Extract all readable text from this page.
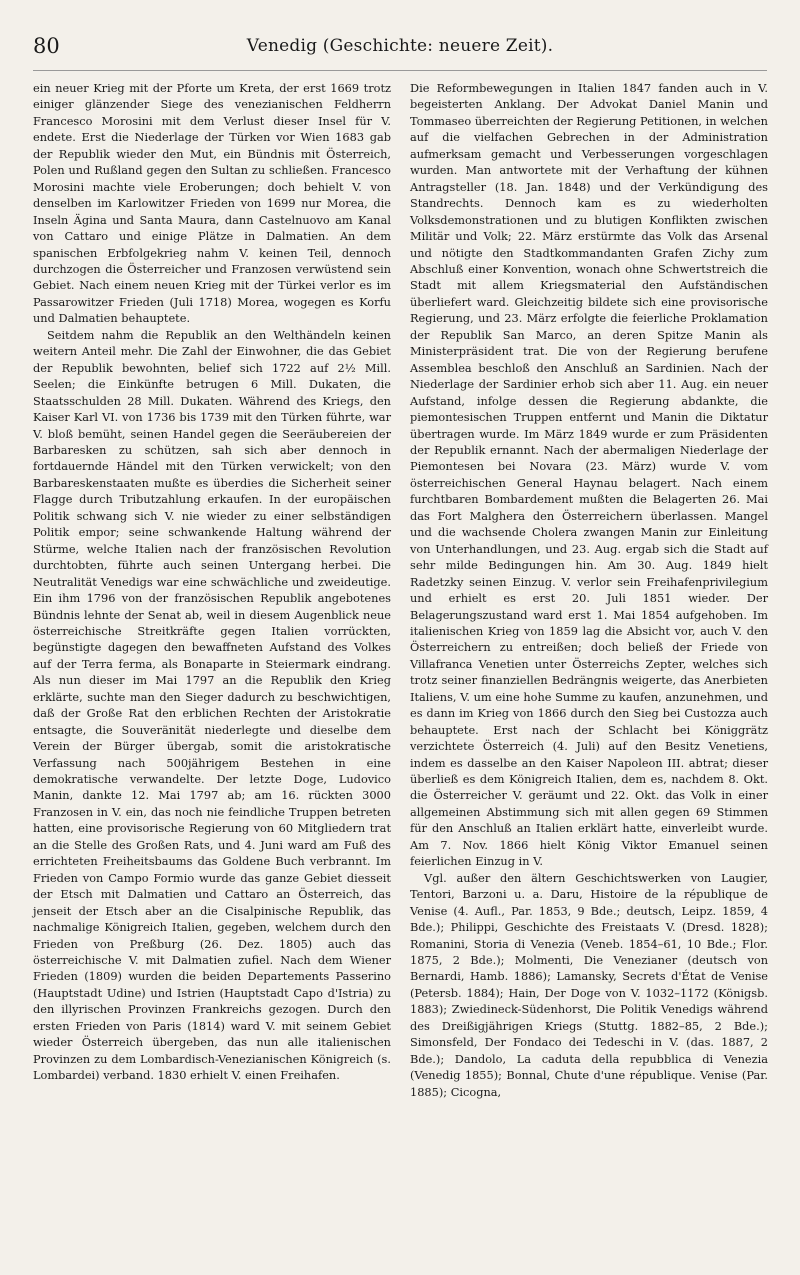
80	Venedig (Geschichte: neuere Zeit).

ein neuer Krieg mit der Pforte um Kreta, der erst 1669 trotz einiger glänzender Siege des venezianischen Feldherrn Francesco Morosini mit dem Verlust dieser Insel für V. endete. Erst die Niederlage der Türken vor Wien 1683 gab der Republik wieder den Mut, ein Bündnis mit Österreich, Polen und Rußland gegen den Sultan zu schließen. Francesco Morosini machte viele Eroberungen; doch behielt V. von denselben im Karlowitzer Frieden von 1699 nur Morea, die Inseln Ägina und Santa Maura, dann Castelnuovo am Kanal von Cattaro und einige Plätze in Dalmatien. An dem spanischen Erbfolgekrieg nahm V. keinen Teil, dennoch durchzogen die Österreicher und Franzosen verwüstend sein Gebiet. Nach einem neuen Krieg mit der Türkei verlor es im Passarowitzer Frieden (Juli 1718) Morea, wogegen es Korfu und Dalmatien behauptete.

Seitdem nahm die Republik an den Welthändeln keinen weitern Anteil mehr. Die Zahl der Einwohner, die das Gebiet der Republik bewohnten, belief sich 1722 auf 2½ Mill. Seelen; die Einkünfte betrugen 6 Mill. Dukaten, die Staatsschulden 28 Mill. Dukaten. Während des Kriegs, den Kaiser Karl VI. von 1736 bis 1739 mit den Türken führte, war V. bloß bemüht, seinen Handel gegen die Seeräubereien der Barbaresken zu schützen, sah sich aber dennoch in fortdauernde Händel mit den Türken verwickelt; von den Barbareskenstaaten mußte es überdies die Sicherheit seiner Flagge durch Tributzahlung erkaufen. In der europäischen Politik schwang sich V. nie wieder zu einer selbständigen Politik empor; seine schwankende Haltung während der Stürme, welche Italien nach der französischen Revolution durchtobten, führte auch seinen Untergang herbei. Die Neutralität Venedigs war eine schwächliche und zweideutige. Ein ihm 1796 von der französischen Republik angebotenes Bündnis lehnte der Senat ab, weil in diesem Augenblick neue österreichische Streitkräfte gegen Italien vorrückten, begünstigte dagegen den bewaffneten Aufstand des Volkes auf der Terra ferma, als Bonaparte in Steiermark eindrang. Als nun dieser im Mai 1797 an die Republik den Krieg erklärte, suchte man den Sieger dadurch zu beschwichtigen, daß der Große Rat den erblichen Rechten der Aristokratie entsagte, die Souveränität niederlegte und dieselbe dem Verein der Bürger übergab, somit die aristokratische Verfassung nach 500jährigem Bestehen in eine demokratische verwandelte. Der letzte Doge, Ludovico Manin, dankte 12. Mai 1797 ab; am 16. rückten 3000 Franzosen in V. ein, das noch nie feindliche Truppen betreten hatten, eine provisorische Regierung von 60 Mitgliedern trat an die Stelle des Großen Rats, und 4. Juni ward am Fuß des errichteten Freiheitsbaums das Goldene Buch verbrannt. Im Frieden von Campo Formio wurde das ganze Gebiet diesseit der Etsch mit Dalmatien und Cattaro an Österreich, das jenseit der Etsch aber an die Cisalpinische Republik, das nachmalige Königreich Italien, gegeben, welchem durch den Frieden von Preßburg (26. Dez. 1805) auch das österreichische V. mit Dalmatien zufiel. Nach dem Wiener Frieden (1809) wurden die beiden Departements Passerino (Hauptstadt Udine) und Istrien (Hauptstadt Capo d'Istria) zu den illyrischen Provinzen Frankreichs gezogen. Durch den ersten Frieden von Paris (1814) ward V. mit seinem Gebiet wieder Österreich übergeben, das nun alle italienischen Provinzen zu dem Lombardisch-Venezianischen Königreich (s. Lombardei) verband. 1830 erhielt V. einen Freihafen.

Die Reformbewegungen in Italien 1847 fanden auch in V. begeisterten Anklang. Der Advokat Daniel Manin und Tommaseo überreichten der Regierung Petitionen, in welchen auf die vielfachen Gebrechen in der Administration aufmerksam gemacht und Verbesserungen vorgeschlagen wurden. Man antwortete mit der Verhaftung der kühnen Antragsteller (18. Jan. 1848) und der Verkündigung des Standrechts. Dennoch kam es zu wiederholten Volksdemonstrationen und zu blutigen Konflikten zwischen Militär und Volk; 22. März erstürmte das Volk das Arsenal und nötigte den Stadtkommandanten Grafen Zichy zum Abschluß einer Konvention, wonach ohne Schwertstreich die Stadt mit allem Kriegsmaterial den Aufständischen überliefert ward. Gleichzeitig bildete sich eine provisorische Regierung, und 23. März erfolgte die feierliche Proklamation der Republik San Marco, an deren Spitze Manin als Ministerpräsident trat. Die von der Regierung berufene Assemblea beschloß den Anschluß an Sardinien. Nach der Niederlage der Sardinier erhob sich aber 11. Aug. ein neuer Aufstand, infolge dessen die Regierung abdankte, die piemontesischen Truppen entfernt und Manin die Diktatur übertragen wurde. Im März 1849 wurde er zum Präsidenten der Republik ernannt. Nach der abermaligen Niederlage der Piemontesen bei Novara (23. März) wurde V. vom österreichischen General Haynau belagert. Nach einem furchtbaren Bombardement mußten die Belagerten 26. Mai das Fort Malghera den Österreichern überlassen. Mangel und die wachsende Cholera zwangen Manin zur Einleitung von Unterhandlungen, und 23. Aug. ergab sich die Stadt auf sehr milde Bedingungen hin. Am 30. Aug. 1849 hielt Radetzky seinen Einzug. V. verlor sein Freihafenprivilegium und erhielt es erst 20. Juli 1851 wieder. Der Belagerungszustand ward erst 1. Mai 1854 aufgehoben. Im italienischen Krieg von 1859 lag die Absicht vor, auch V. den Österreichern zu entreißen; doch beließ der Friede von Villafranca Venetien unter Österreichs Zepter, welches sich trotz seiner finanziellen Bedrängnis weigerte, das Anerbieten Italiens, V. um eine hohe Summe zu kaufen, anzunehmen, und es dann im Krieg von 1866 durch den Sieg bei Custozza auch behauptete. Erst nach der Schlacht bei Königgrätz verzichtete Österreich (4. Juli) auf den Besitz Venetiens, indem es dasselbe an den Kaiser Napoleon III. abtrat; dieser überließ es dem Königreich Italien, dem es, nachdem 8. Okt. die Österreicher V. geräumt und 22. Okt. das Volk in einer allgemeinen Abstimmung sich mit allen gegen 69 Stimmen für den Anschluß an Italien erklärt hatte, einverleibt wurde. Am 7. Nov. 1866 hielt König Viktor Emanuel seinen feierlichen Einzug in V.

Vgl. außer den ältern Geschichtswerken von Laugier, Tentori, Barzoni u. a. Daru, Histoire de la république de Venise (4. Aufl., Par. 1853, 9 Bde.; deutsch, Leipz. 1859, 4 Bde.); Philippi, Geschichte des Freistaats V. (Dresd. 1828); Romanini, Storia di Venezia (Veneb. 1854–61, 10 Bde.; Flor. 1875, 2 Bde.); Molmenti, Die Venezianer (deutsch von Bernardi, Hamb. 1886); Lamansky, Secrets d'État de Venise (Petersb. 1884); Hain, Der Doge von V. 1032–1172 (Königsb. 1883); Zwiedineck-Südenhorst, Die Politik Venedigs während des Dreißigjährigen Kriegs (Stuttg. 1882–85, 2 Bde.); Simonsfeld, Der Fondaco dei Tedeschi in V. (das. 1887, 2 Bde.); Dandolo, La caduta della repubblica di Venezia (Venedig 1855); Bonnal, Chute d'une république. Venise (Par. 1885); Cicogna,
